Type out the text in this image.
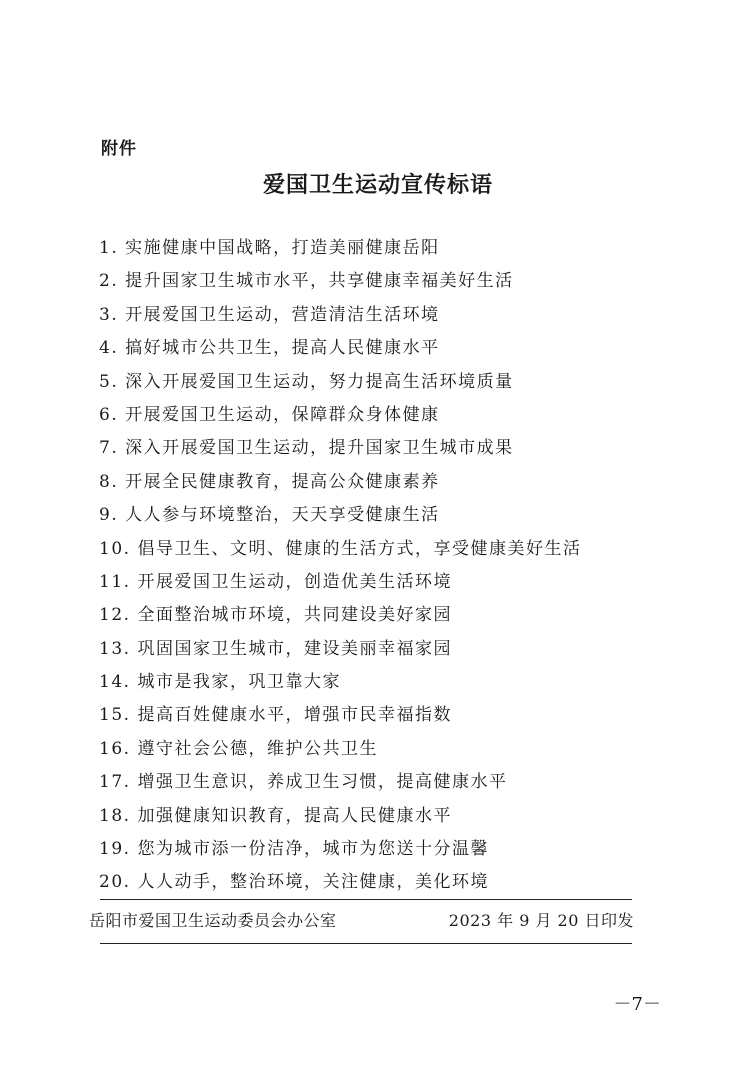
附件
爱国卫生运动宣传标语
1. 实施健康中国战略，打造美丽健康岳阳
2. 提升国家卫生城市水平，共享健康幸福美好生活
3. 开展爱国卫生运动，营造清洁生活环境
4. 搞好城市公共卫生，提高人民健康水平
5. 深入开展爱国卫生运动，努力提高生活环境质量
6. 开展爱国卫生运动，保障群众身体健康
7. 深入开展爱国卫生运动，提升国家卫生城市成果
8. 开展全民健康教育，提高公众健康素养
9. 人人参与环境整治，天天享受健康生活
10. 倡导卫生、文明、健康的生活方式，享受健康美好生活
11. 开展爱国卫生运动，创造优美生活环境
12. 全面整治城市环境，共同建设美好家园
13. 巩固国家卫生城市，建设美丽幸福家园
14. 城市是我家，巩卫靠大家
15. 提高百姓健康水平，增强市民幸福指数
16. 遵守社会公德，维护公共卫生
17. 增强卫生意识，养成卫生习惯，提高健康水平
18. 加强健康知识教育，提高人民健康水平
19. 您为城市添一份洁净，城市为您送十分温馨
20. 人人动手，整治环境，关注健康，美化环境
岳阳市爱国卫生运动委员会办公室	2023 年 9 月 20 日印发
－7－
